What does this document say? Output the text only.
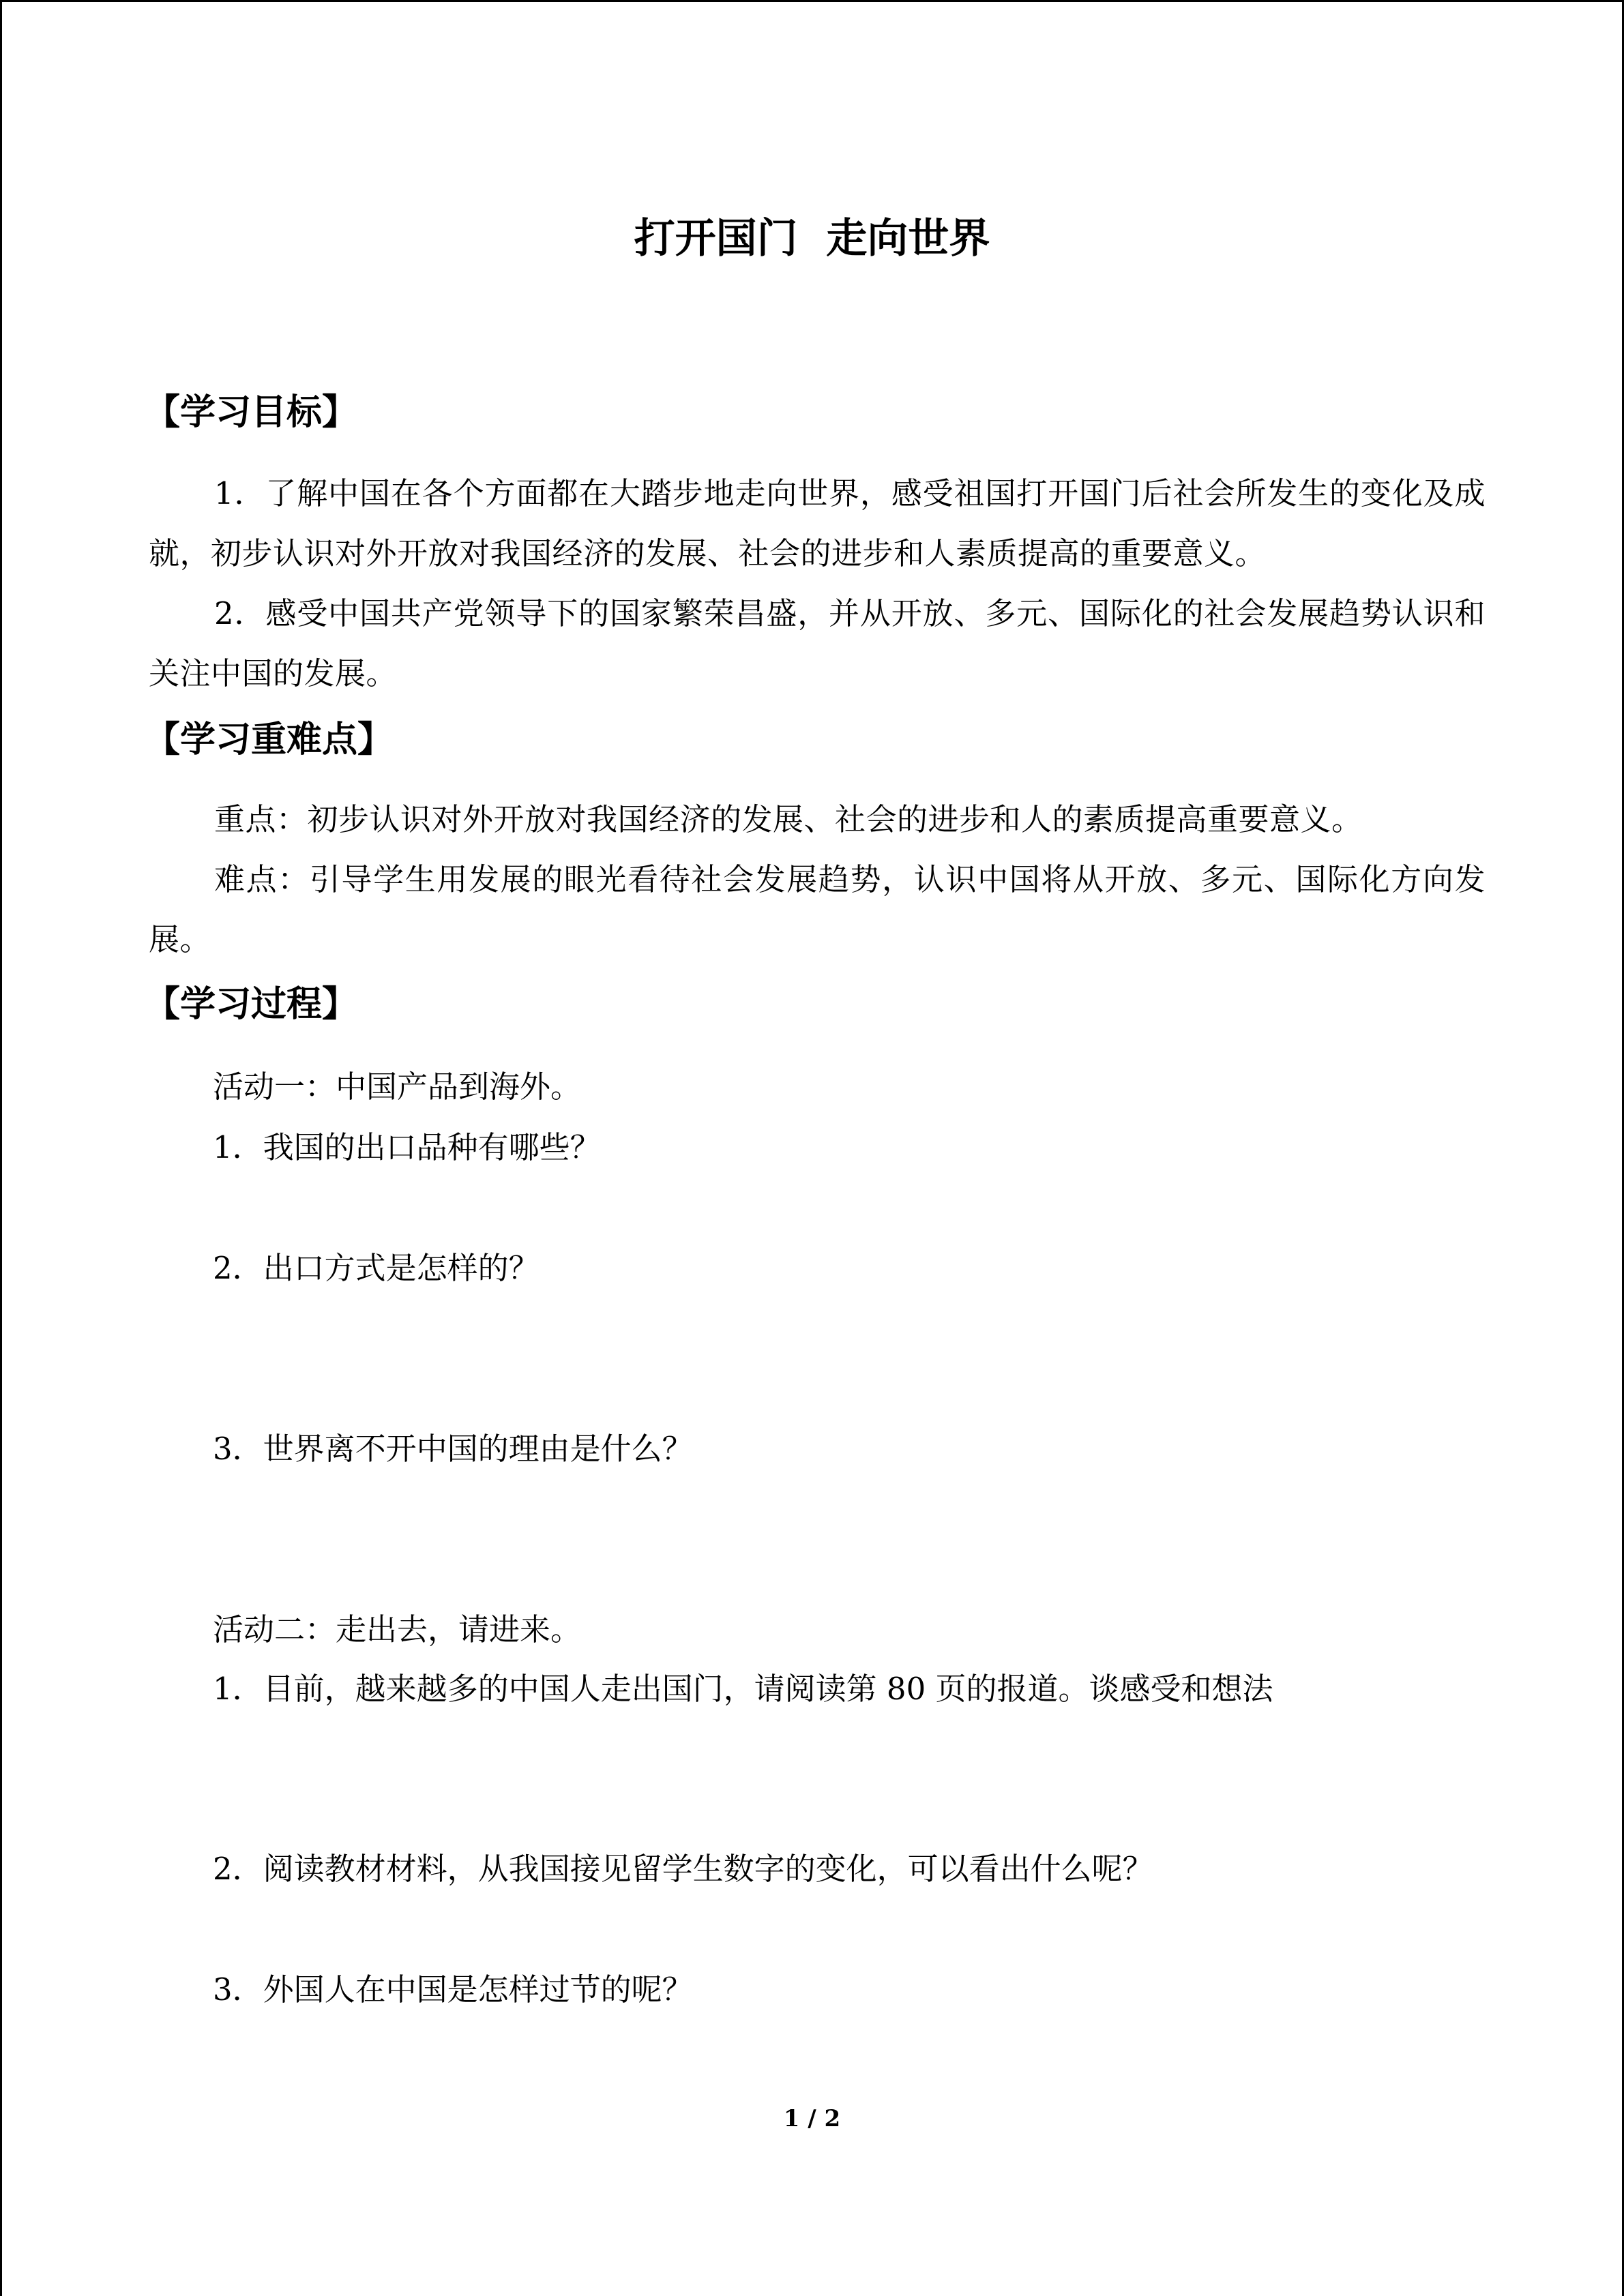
打开国门  走向世界
【学习目标】
1．了解中国在各个方面都在大踏步地走向世界，感受祖国打开国门后社会所发生的变化及成就，初步认识对外开放对我国经济的发展、社会的进步和人素质提高的重要意义。
2．感受中国共产党领导下的国家繁荣昌盛，并从开放、多元、国际化的社会发展趋势认识和关注中国的发展。
【学习重难点】
重点：初步认识对外开放对我国经济的发展、社会的进步和人的素质提高重要意义。
难点：引导学生用发展的眼光看待社会发展趋势，认识中国将从开放、多元、国际化方向发展。
【学习过程】
活动一：中国产品到海外。
1．我国的出口品种有哪些？
2．出口方式是怎样的？
3．世界离不开中国的理由是什么？
活动二：走出去，请进来。
1．目前，越来越多的中国人走出国门，请阅读第 80 页的报道。谈感受和想法
2．阅读教材材料，从我国接见留学生数字的变化，可以看出什么呢？
3．外国人在中国是怎样过节的呢？
1 / 2
